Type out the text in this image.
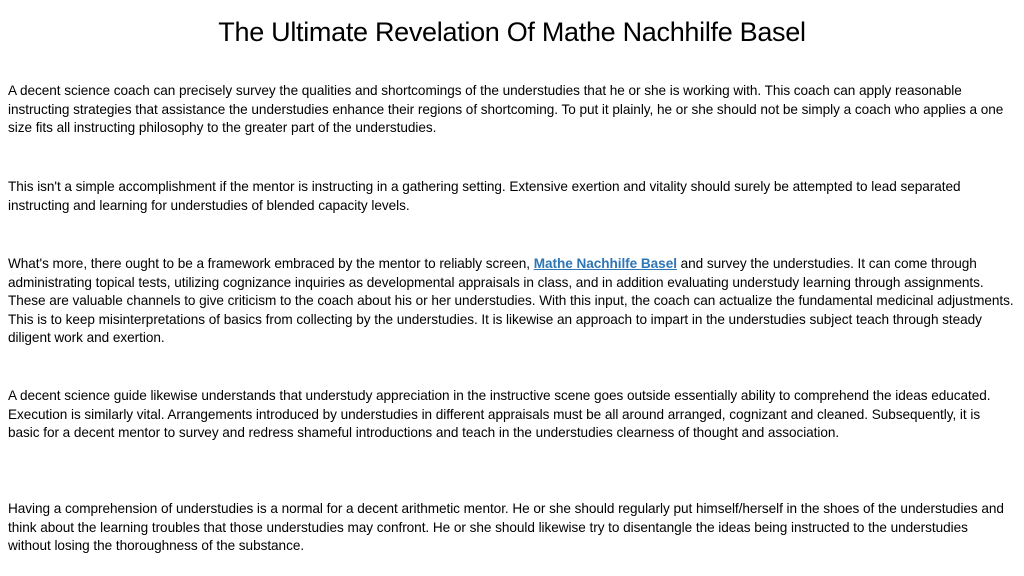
The Ultimate Revelation Of Mathe Nachhilfe Basel

A decent science coach can precisely survey the qualities and shortcomings of the understudies that he or she is working with. This coach can apply reasonable instructing strategies that assistance the understudies enhance their regions of shortcoming. To put it plainly, he or she should not be simply a coach who applies a one size fits all instructing philosophy to the greater part of the understudies.

This isn't a simple accomplishment if the mentor is instructing in a gathering setting. Extensive exertion and vitality should surely be attempted to lead separated instructing and learning for understudies of blended capacity levels.

What's more, there ought to be a framework embraced by the mentor to reliably screen, Mathe Nachhilfe Basel and survey the understudies. It can come through administrating topical tests, utilizing cognizance inquiries as developmental appraisals in class, and in addition evaluating understudy learning through assignments. These are valuable channels to give criticism to the coach about his or her understudies. With this input, the coach can actualize the fundamental medicinal adjustments. This is to keep misinterpretations of basics from collecting by the understudies. It is likewise an approach to impart in the understudies subject teach through steady diligent work and exertion.

A decent science guide likewise understands that understudy appreciation in the instructive scene goes outside essentially ability to comprehend the ideas educated. Execution is similarly vital. Arrangements introduced by understudies in different appraisals must be all around arranged, cognizant and cleaned. Subsequently, it is basic for a decent mentor to survey and redress shameful introductions and teach in the understudies clearness of thought and association.

Having a comprehension of understudies is a normal for a decent arithmetic mentor. He or she should regularly put himself/herself in the shoes of the understudies and think about the learning troubles that those understudies may confront. He or she should likewise try to disentangle the ideas being instructed to the understudies without losing the thoroughness of the substance.
